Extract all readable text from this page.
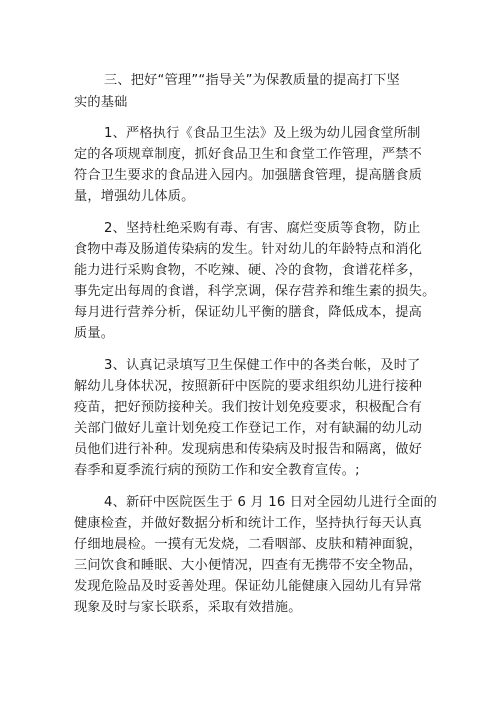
三、把好“管理”“指导关”为保教质量的提高打下坚
实的基础
1、严格执行《食品卫生法》及上级为幼儿园食堂所制
定的各项规章制度，抓好食品卫生和食堂工作管理，严禁不
符合卫生要求的食品进入园内。加强膳食管理，提高膳食质
量，增强幼儿体质。
2、坚持杜绝采购有毒、有害、腐烂变质等食物，防止
食物中毒及肠道传染病的发生。针对幼儿的年龄特点和消化
能力进行采购食物，不吃辣、硬、冷的食物，食谱花样多，
事先定出每周的食谱，科学烹调，保存营养和维生素的损失。
每月进行营养分析，保证幼儿平衡的膳食，降低成本，提高
质量。
3、认真记录填写卫生保健工作中的各类台帐，及时了
解幼儿身体状况，按照新矸中医院的要求组织幼儿进行接种
疫苗，把好预防接种关。我们按计划免疫要求，积极配合有
关部门做好儿童计划免疫工作登记工作，对有缺漏的幼儿动
员他们进行补种。发现病患和传染病及时报告和隔离，做好
春季和夏季流行病的预防工作和安全教育宣传。;
4、新矸中医院医生于 6 月 16 日对全园幼儿进行全面的
健康检查，并做好数据分析和统计工作，坚持执行每天认真
仔细地晨检。一摸有无发烧，二看咽部、皮肤和精神面貌，
三问饮食和睡眠、大小便情况，四查有无携带不安全物品，
发现危险品及时妥善处理。保证幼儿能健康入园幼儿有异常
现象及时与家长联系，采取有效措施。
